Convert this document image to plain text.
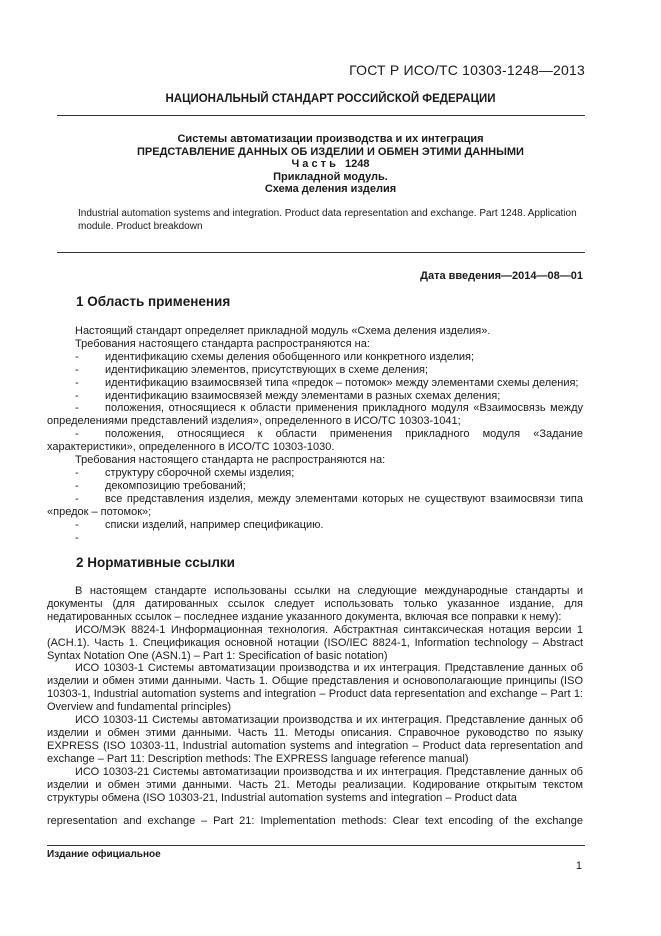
ГОСТ Р ИСО/ТС 10303-1248—2013
НАЦИОНАЛЬНЫЙ СТАНДАРТ РОССИЙСКОЙ ФЕДЕРАЦИИ
Системы автоматизации производства и их интеграция
ПРЕДСТАВЛЕНИЕ ДАННЫХ ОБ ИЗДЕЛИИ И ОБМЕН ЭТИМИ ДАННЫМИ
Ч а с т ь   1248
Прикладной модуль.
Схема деления изделия
Industrial automation systems and integration. Product data representation and exchange. Part 1248. Application module. Product breakdown
Дата введения—2014—08—01
1 Область применения

Настоящий стандарт определяет прикладной модуль «Схема деления изделия».

Требования настоящего стандарта распространяются на:

- идентификацию схемы деления обобщенного или конкретного изделия;

- идентификацию элементов, присутствующих в схеме деления;

- идентификацию взаимосвязей типа «предок – потомок» между элементами схемы деления;

- идентификацию взаимосвязей между элементами в разных схемах деления;

- положения, относящиеся к области применения прикладного модуля «Взаимосвязь между определениями представлений изделия», определенного в ИСО/ТС 10303-1041;

- положения, относящиеся к области применения прикладного модуля «Задание характеристики», определенного в ИСО/ТС 10303-1030.

Требования настоящего стандарта не распространяются на:

- структуру сборочной схемы изделия;

- декомпозицию требований;

- все представления изделия, между элементами которых не существуют взаимосвязи типа «предок – потомок»;

- списки изделий, например спецификацию.

-

2 Нормативные ссылки

В настоящем стандарте использованы ссылки на следующие международные стандарты и документы (для датированных ссылок следует использовать только указанное издание, для недатированных ссылок – последнее издание указанного документа, включая все поправки к нему):

ИСО/МЭК 8824-1 Информационная технология. Абстрактная синтаксическая нотация версии 1 (АСН.1). Часть 1. Спецификация основной нотации (ISO/IEC 8824-1, Information technology – Abstract Syntax Notation One (ASN.1) – Part 1: Specification of basic notation)

ИСО 10303-1 Системы автоматизации производства и их интеграция. Представление данных об изделии и обмен этими данными. Часть 1. Общие представления и основополагающие принципы (ISO 10303-1, Industrial automation systems and integration – Product data representation and exchange – Part 1: Overview and fundamental principles)

ИСО 10303-11 Системы автоматизации производства и их интеграция. Представление данных об изделии и обмен этими данными. Часть 11. Методы описания. Справочное руководство по языку EXPRESS (ISO 10303-11, Industrial automation systems and integration – Product data representation and exchange – Part 11: Description methods: The EXPRESS language reference manual)

ИСО 10303-21 Системы автоматизации производства и их интеграция. Представление данных об изделии и обмен этими данными. Часть 21. Методы реализации. Кодирование открытым текстом структуры обмена (ISO 10303-21, Industrial automation systems and integration – Product data

representation and exchange – Part 21: Implementation methods: Clear text encoding of the exchange

Издание официальное
1
